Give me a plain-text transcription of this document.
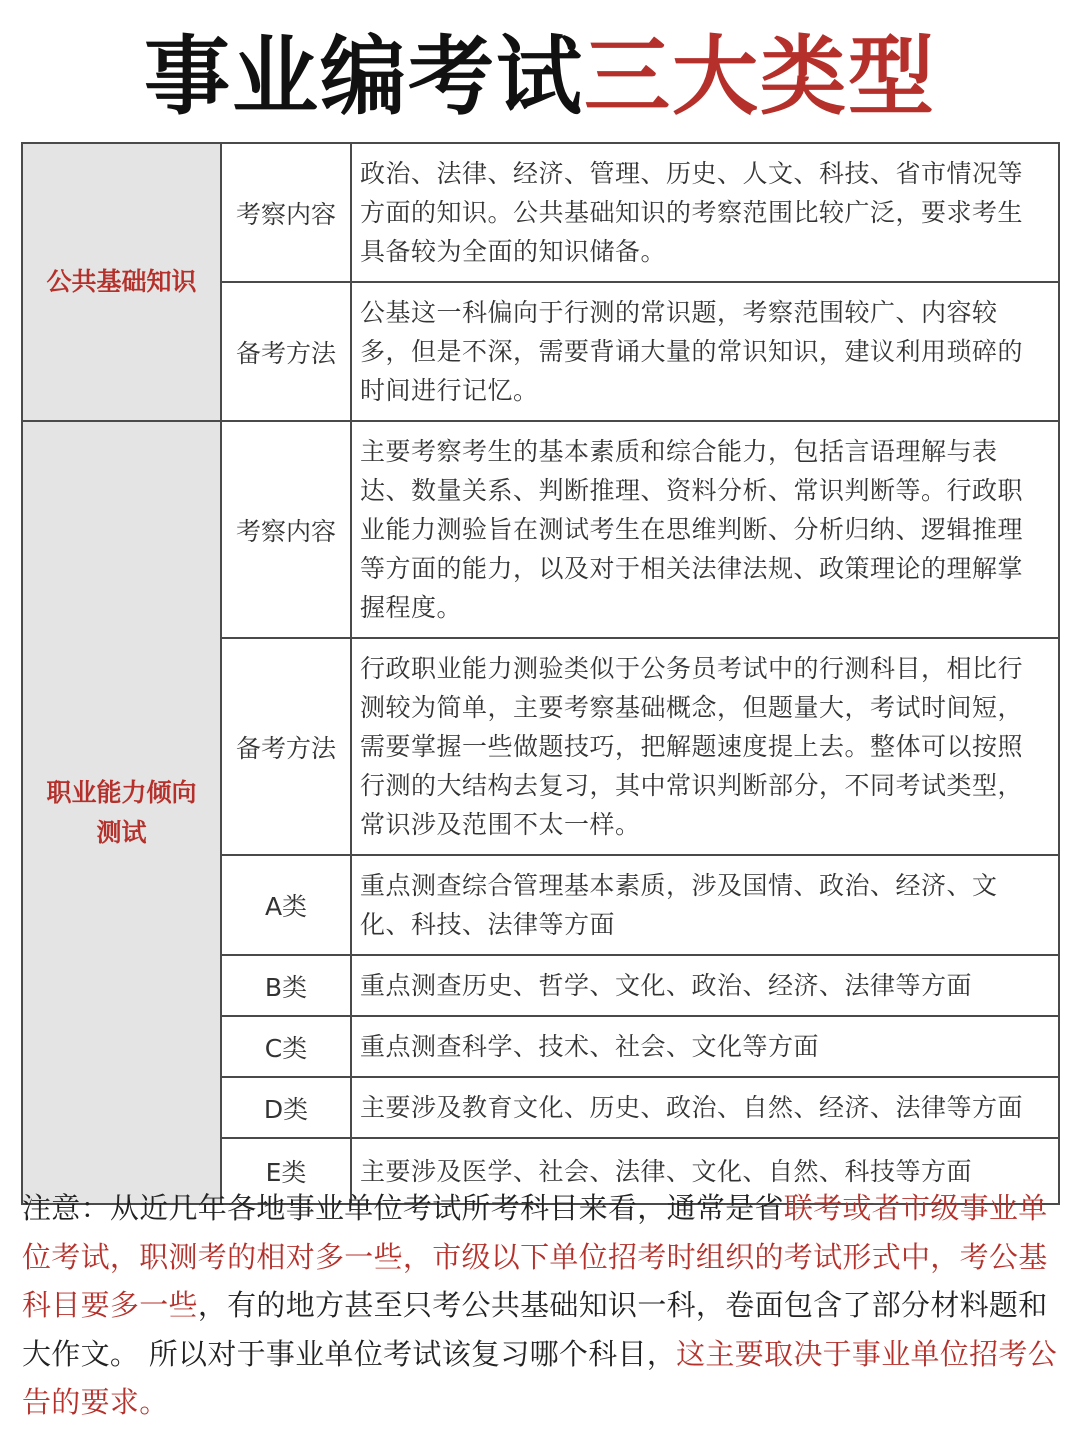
事业编考试三大类型
公共基础知识	考察内容	政治、法律、经济、管理、历史、人文、科技、省市情况等方面的知识。公共基础知识的考察范围比较广泛，要求考生具备较为全面的知识储备。
	备考方法	公基这一科偏向于行测的常识题，考察范围较广、内容较多，但是不深，需要背诵大量的常识知识，建议利用琐碎的时间进行记忆。
职业能力倾向测试	考察内容	主要考察考生的基本素质和综合能力，包括言语理解与表达、数量关系、判断推理、资料分析、常识判断等。行政职业能力测验旨在测试考生在思维判断、分析归纳、逻辑推理等方面的能力，以及对于相关法律法规、政策理论的理解掌握程度。
	备考方法	行政职业能力测验类似于公务员考试中的行测科目，相比行测较为简单，主要考察基础概念，但题量大，考试时间短，需要掌握一些做题技巧，把解题速度提上去。整体可以按照行测的大结构去复习，其中常识判断部分，不同考试类型，常识涉及范围不太一样。
	A类	重点测查综合管理基本素质，涉及国情、政治、经济、文化、科技、法律等方面
	B类	重点测查历史、哲学、文化、政治、经济、法律等方面
	C类	重点测查科学、技术、社会、文化等方面
	D类	主要涉及教育文化、历史、政治、自然、经济、法律等方面
	E类	主要涉及医学、社会、法律、文化、自然、科技等方面
注意：从近几年各地事业单位考试所考科目来看，通常是省联考或者市级事业单位考试，职测考的相对多一些，市级以下单位招考时组织的考试形式中，考公基科目要多一些，有的地方甚至只考公共基础知识一科，卷面包含了部分材料题和大作文。 所以对于事业单位考试该复习哪个科目，这主要取决于事业单位招考公告的要求。
